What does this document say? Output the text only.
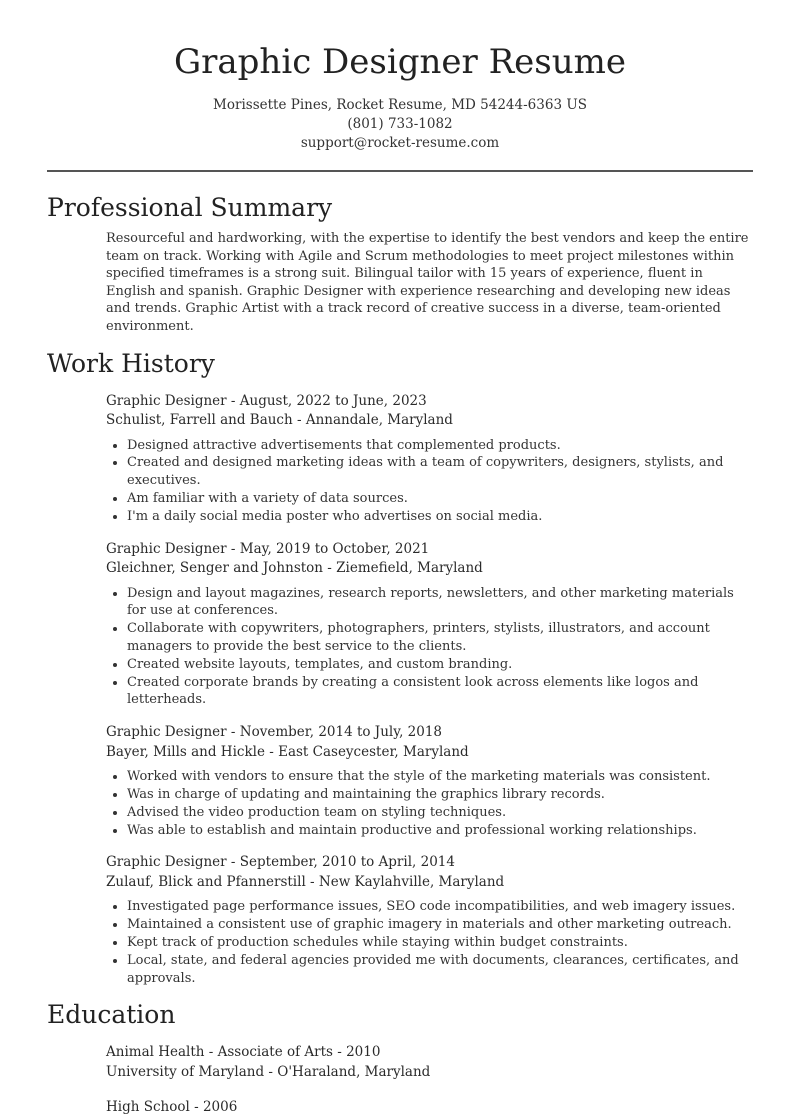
Graphic Designer Resume
Morissette Pines, Rocket Resume, MD 54244-6363 US
(801) 733-1082
support@rocket-resume.com
Professional Summary

Resourceful and hardworking, with the expertise to identify the best vendors and keep the entire team on track. Working with Agile and Scrum methodologies to meet project milestones within specified timeframes is a strong suit. Bilingual tailor with 15 years of experience, fluent in English and spanish. Graphic Designer with experience researching and developing new ideas and trends. Graphic Artist with a track record of creative success in a diverse, team-oriented environment.

Work History
Graphic Designer - August, 2022 to June, 2023
Schulist, Farrell and Bauch - Annandale, Maryland
• Designed attractive advertisements that complemented products.
• Created and designed marketing ideas with a team of copywriters, designers, stylists, and executives.
• Am familiar with a variety of data sources.
• I'm a daily social media poster who advertises on social media.
Graphic Designer - May, 2019 to October, 2021
Gleichner, Senger and Johnston - Ziemefield, Maryland
• Design and layout magazines, research reports, newsletters, and other marketing materials for use at conferences.
• Collaborate with copywriters, photographers, printers, stylists, illustrators, and account managers to provide the best service to the clients.
• Created website layouts, templates, and custom branding.
• Created corporate brands by creating a consistent look across elements like logos and letterheads.
Graphic Designer - November, 2014 to July, 2018
Bayer, Mills and Hickle - East Caseycester, Maryland
• Worked with vendors to ensure that the style of the marketing materials was consistent.
• Was in charge of updating and maintaining the graphics library records.
• Advised the video production team on styling techniques.
• Was able to establish and maintain productive and professional working relationships.
Graphic Designer - September, 2010 to April, 2014
Zulauf, Blick and Pfannerstill - New Kaylahville, Maryland
• Investigated page performance issues, SEO code incompatibilities, and web imagery issues.
• Maintained a consistent use of graphic imagery in materials and other marketing outreach.
• Kept track of production schedules while staying within budget constraints.
• Local, state, and federal agencies provided me with documents, clearances, certificates, and approvals.
Education
Animal Health - Associate of Arts - 2010
University of Maryland - O'Haraland, Maryland
High School - 2006
